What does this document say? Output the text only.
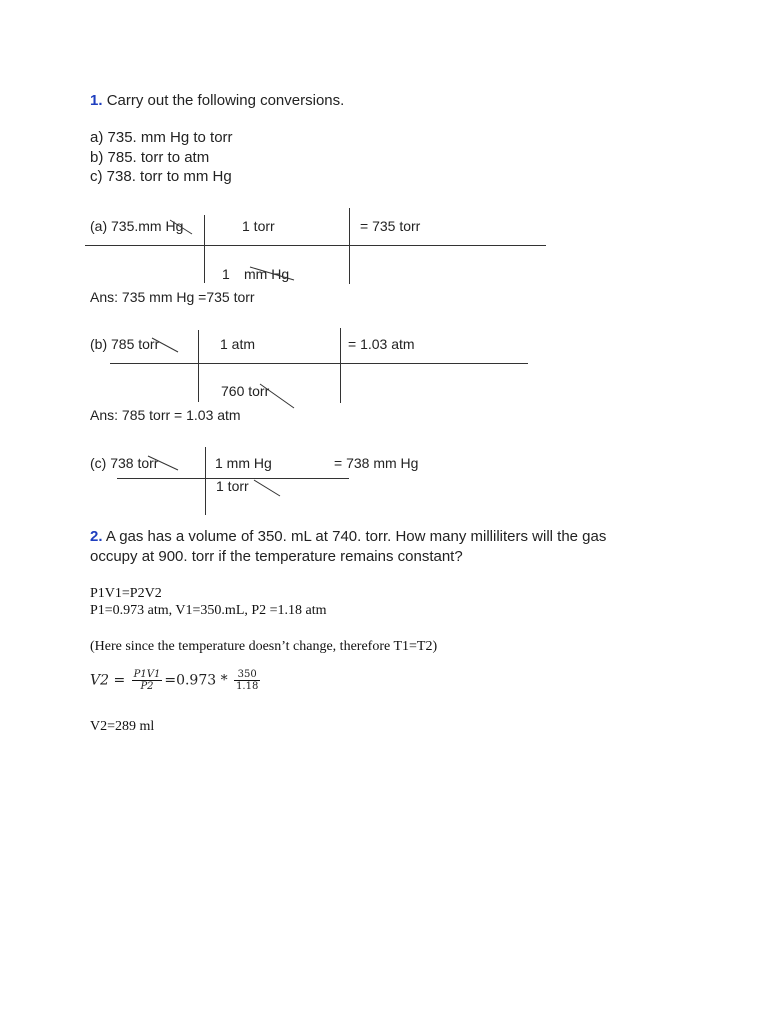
1. Carry out the following conversions.
a) 735. mm Hg to torr
b) 785. torr to atm
c) 738. torr to mm Hg
(a) 735.mm Hg	1 torr	= 735 torr
1 mm Hg
Ans: 735 mm Hg =735 torr
(b) 785 torr	1 atm	= 1.03 atm
760 torr
Ans: 785 torr = 1.03 atm
(c) 738 torr	1 mm Hg	= 738 mm Hg
1 torr
2. A gas has a volume of 350. mL at 740. torr. How many milliliters will the gas
occupy at 900. torr if the temperature remains constant?
P1V1=P2V2
P1=0.973 atm, V1=350.mL, P2 =1.18 atm
(Here since the temperature doesn’t change, therefore T1=T2)
$V2 = \frac{P1V1}{P2} =0.973 * \frac{350}{1.18}$
V2=289 ml
